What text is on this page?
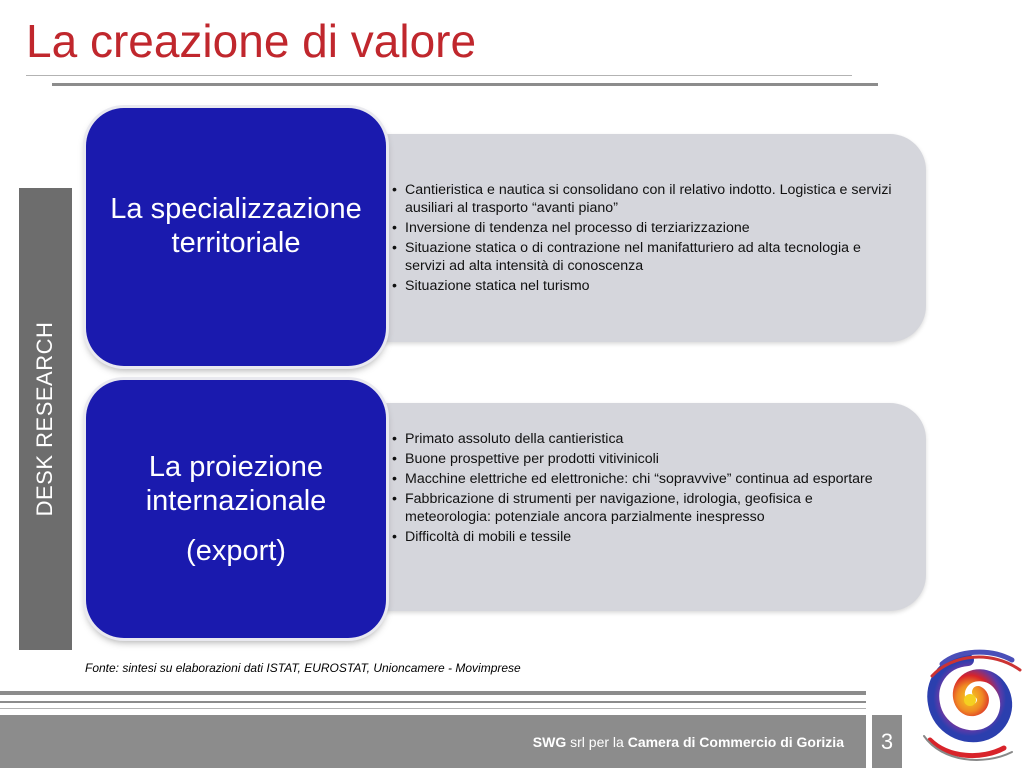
La creazione di valore
DESK RESEARCH
• Cantieristica e nautica si consolidano con il relativo indotto. Logistica e servizi ausiliari al trasporto “avanti piano”
• Inversione di tendenza nel processo di terziarizzazione
• Situazione statica o di contrazione nel manifatturiero ad alta tecnologia e servizi ad alta intensità di conoscenza
• Situazione statica nel turismo
La specializzazione territoriale
• Primato assoluto della cantieristica
• Buone prospettive per prodotti vitivinicoli
• Macchine elettriche ed elettroniche: chi “sopravvive” continua ad esportare
• Fabbricazione di strumenti per navigazione, idrologia, geofisica e meteorologia: potenziale ancora parzialmente inespresso
• Difficoltà di mobili e tessile
La proiezione internazionale
(export)
Fonte: sintesi su elaborazioni dati ISTAT, EUROSTAT, Unioncamere - Movimprese
SWG srl per la Camera di Commercio di Gorizia	3
